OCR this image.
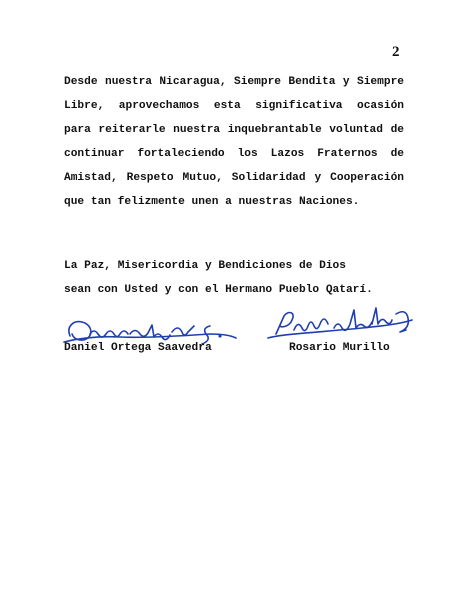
2

Desde nuestra Nicaragua, Siempre Bendita y Siempre Libre, aprovechamos esta significativa ocasión para reiterarle nuestra inquebrantable voluntad de continuar fortaleciendo los Lazos Fraternos de Amistad, Respeto Mutuo, Solidaridad y Cooperación que tan felizmente unen a nuestras Naciones.

La Paz, Misericordia y Bendiciones de Dios
sean con Usted y con el Hermano Pueblo Qatarí.
Daniel Ortega Saavedra	Rosario Murillo
